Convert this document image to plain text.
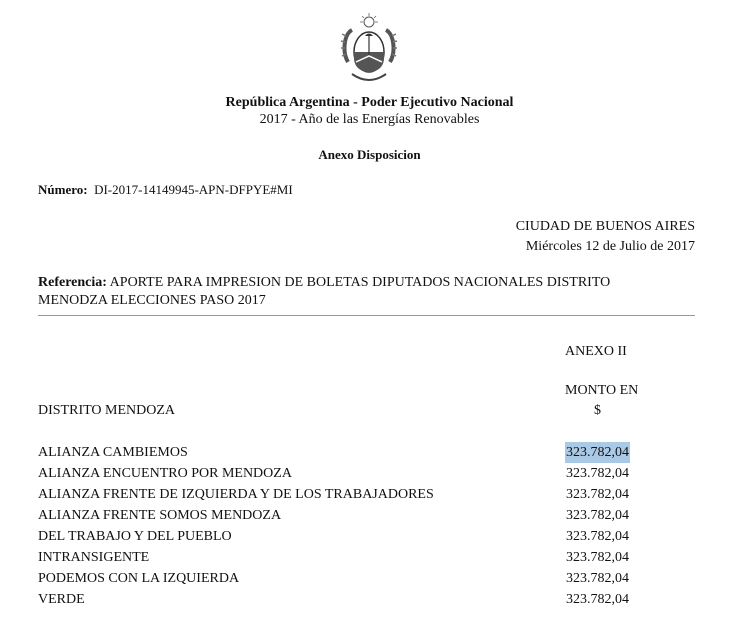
República Argentina - Poder Ejecutivo Nacional
2017 - Año de las Energías Renovables
Anexo Disposicion
Número: DI-2017-14149945-APN-DFPYE#MI
CIUDAD DE BUENOS AIRES
Miércoles 12 de Julio de 2017
Referencia: APORTE PARA IMPRESION DE BOLETAS DIPUTADOS NACIONALES DISTRITO MENODZA ELECCIONES PASO 2017
ANEXO II
MONTO EN
$
DISTRITO MENDOZA
ALIANZA CAMBIEMOS	323.782,04
ALIANZA ENCUENTRO POR MENDOZA	323.782,04
ALIANZA FRENTE DE IZQUIERDA Y DE LOS TRABAJADORES	323.782,04
ALIANZA FRENTE SOMOS MENDOZA	323.782,04
DEL TRABAJO Y DEL PUEBLO	323.782,04
INTRANSIGENTE	323.782,04
PODEMOS CON LA IZQUIERDA	323.782,04
VERDE	323.782,04
